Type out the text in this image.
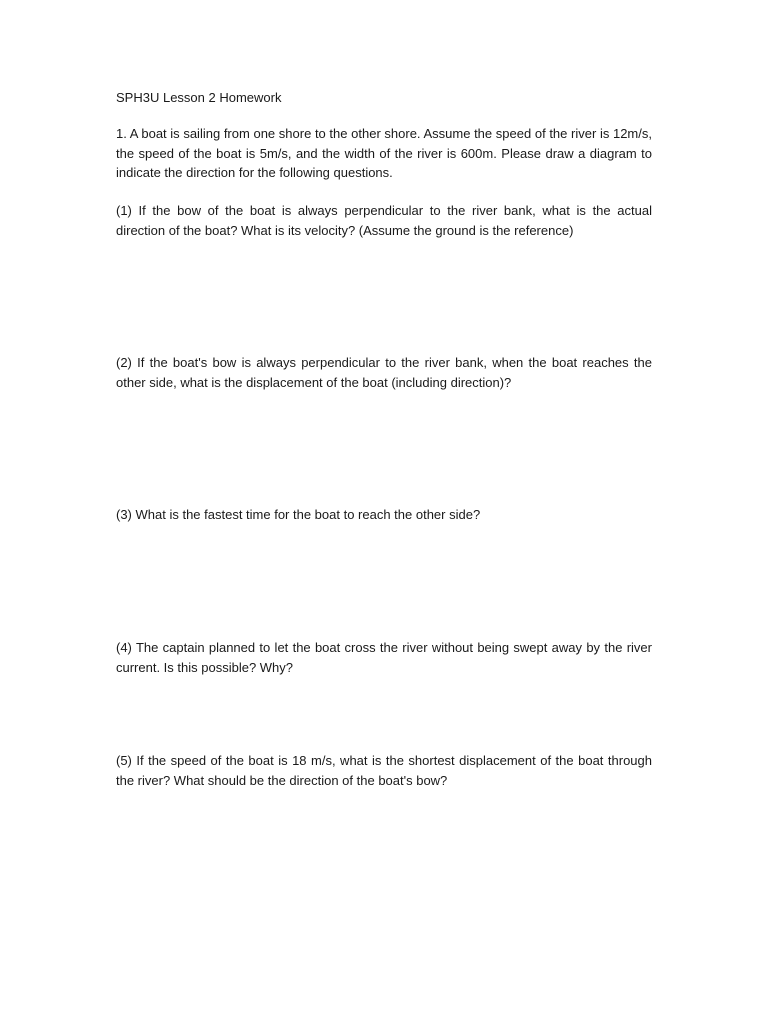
SPH3U Lesson 2 Homework

1. A boat is sailing from one shore to the other shore. Assume the speed of the river is 12m/s, the speed of the boat is 5m/s, and the width of the river is 600m. Please draw a diagram to indicate the direction for the following questions.

(1) If the bow of the boat is always perpendicular to the river bank, what is the actual direction of the boat? What is its velocity? (Assume the ground is the reference)

(2) If the boat's bow is always perpendicular to the river bank, when the boat reaches the other side, what is the displacement of the boat (including direction)?

(3) What is the fastest time for the boat to reach the other side?

(4) The captain planned to let the boat cross the river without being swept away by the river current. Is this possible? Why?

(5) If the speed of the boat is 18 m/s, what is the shortest displacement of the boat through the river? What should be the direction of the boat's bow?
